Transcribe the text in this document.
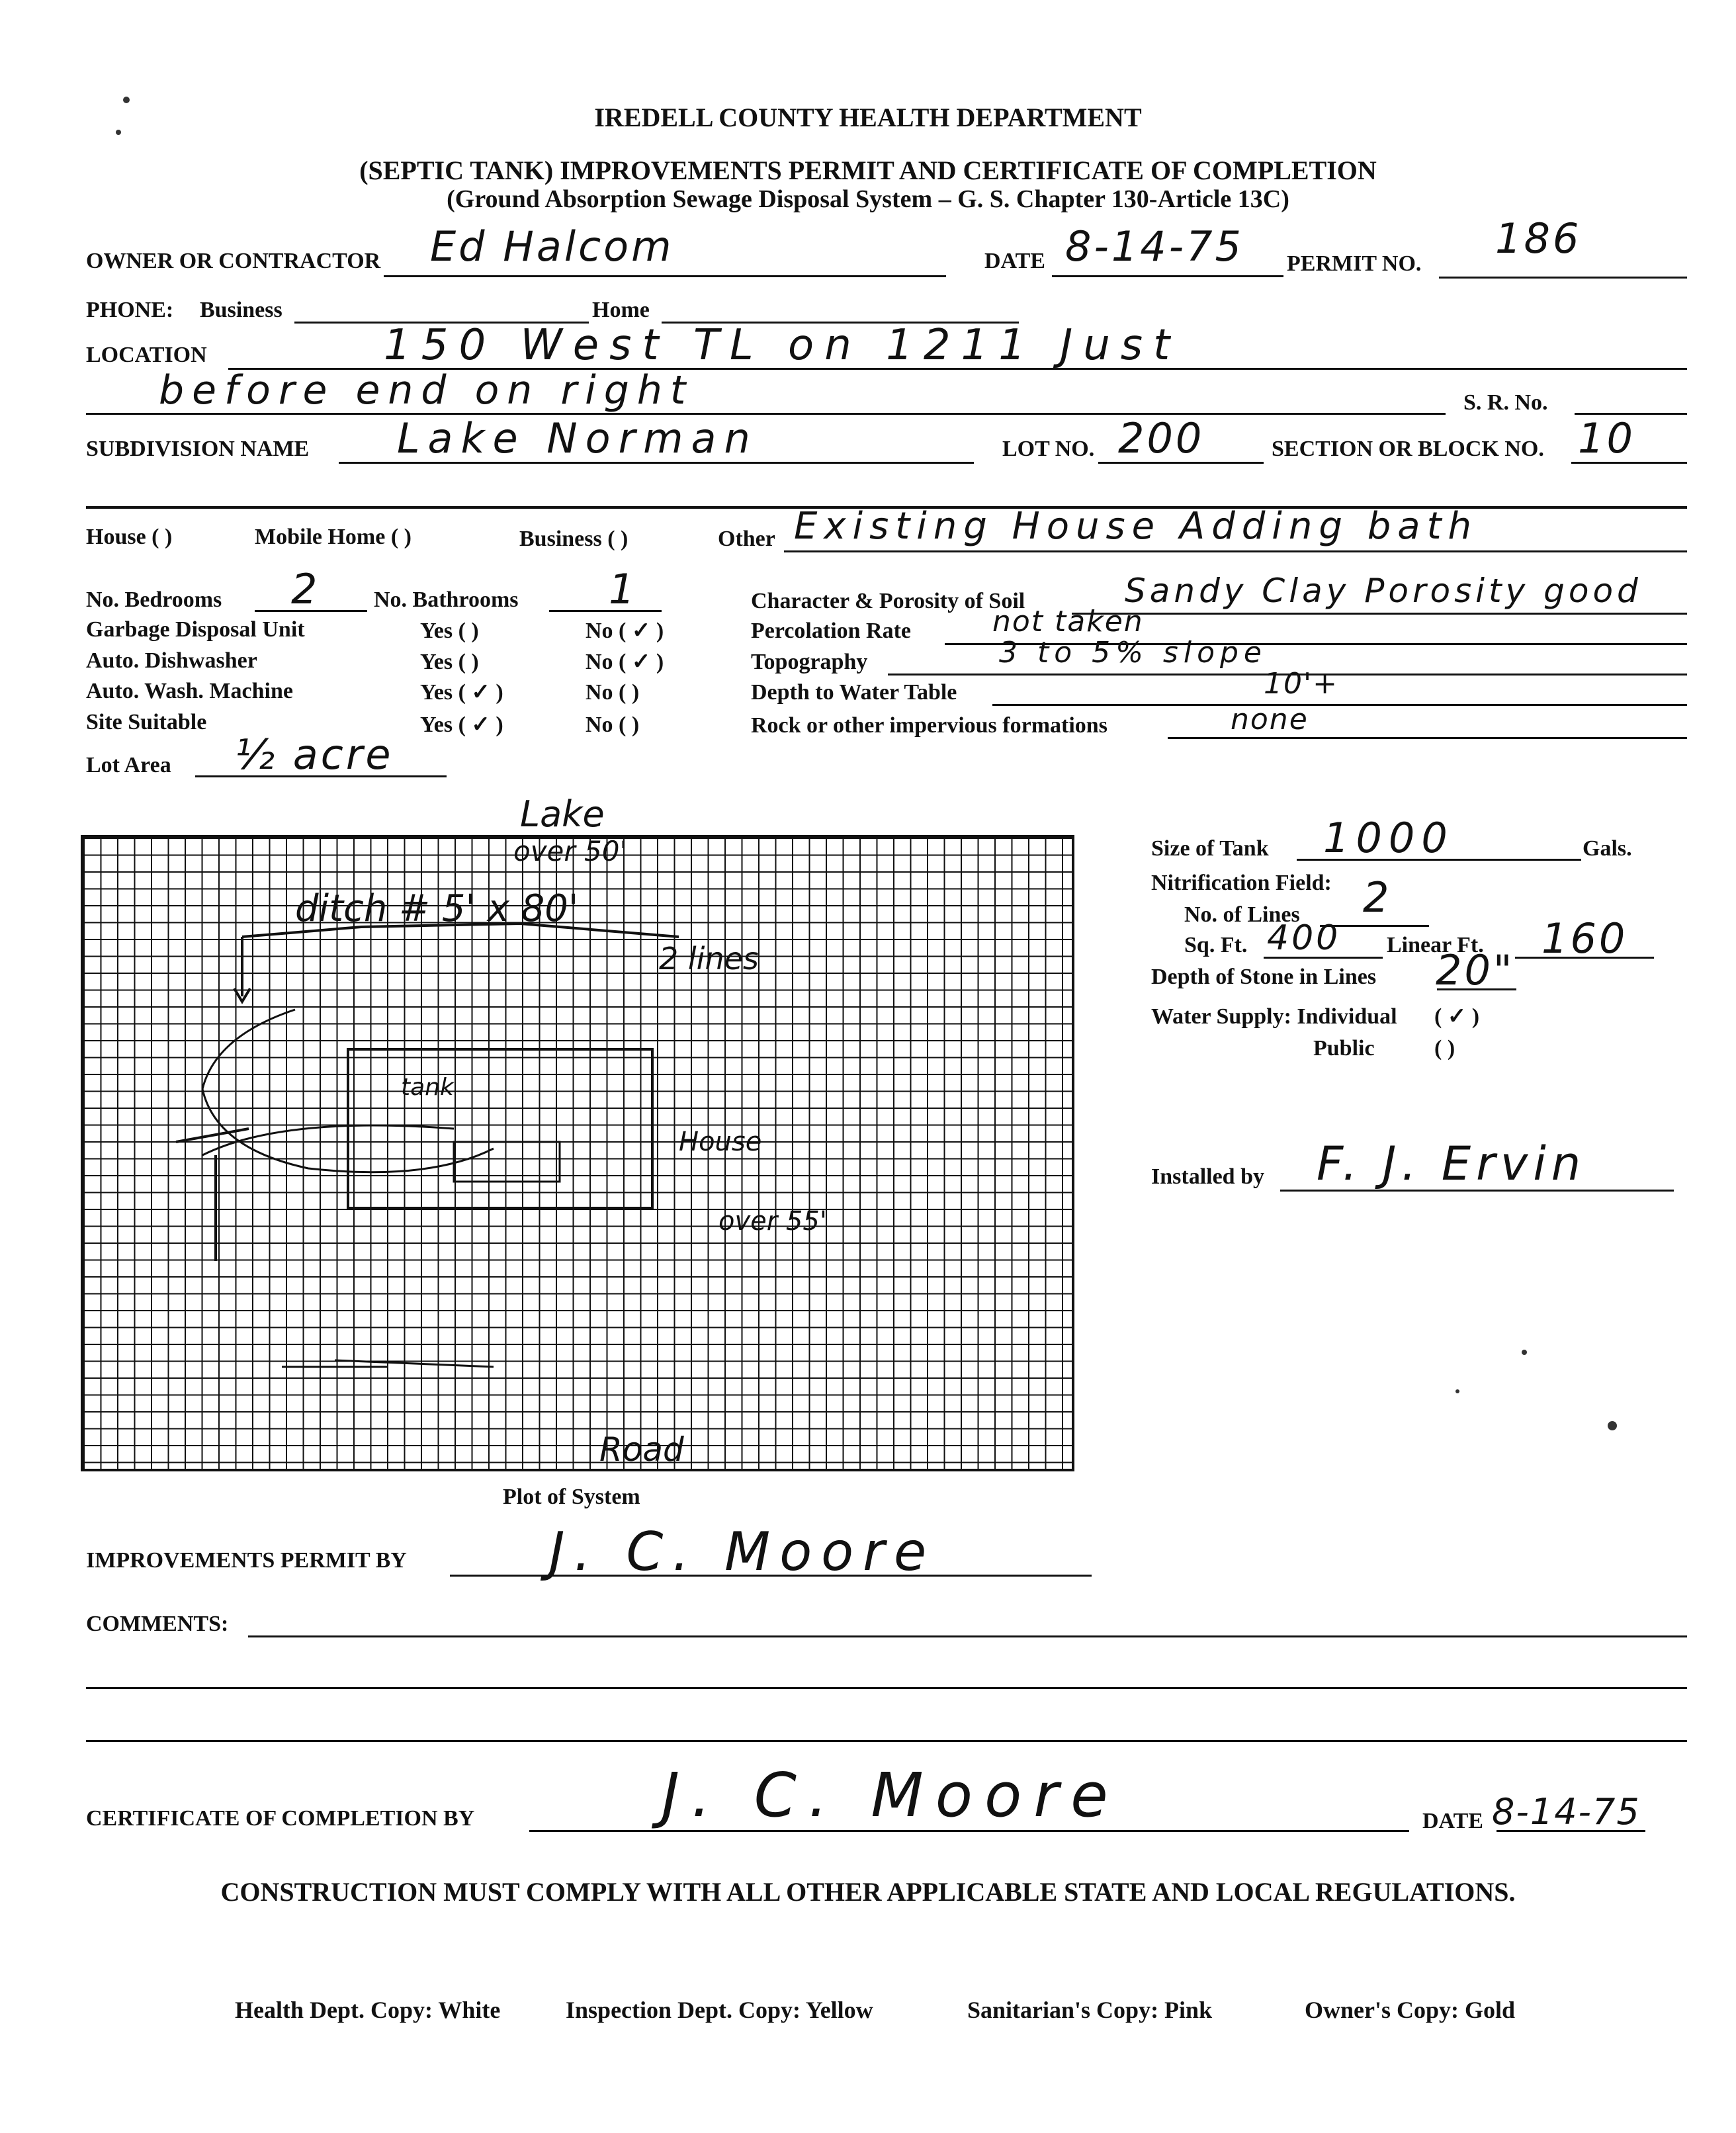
IREDELL COUNTY HEALTH DEPARTMENT
(SEPTIC TANK) IMPROVEMENTS PERMIT AND CERTIFICATE OF COMPLETION
(Ground Absorption Sewage Disposal System – G. S. Chapter 130-Article 13C)
OWNER OR CONTRACTOR Ed Halcom	DATE 8-14-75 PERMIT NO.
186
PHONE: Business	Home
LOCATION	150 West TL on 1211 Just
before end on right	S. R. No.
SUBDIVISION NAME Lake Norman	LOT NO. 200	SECTION OR BLOCK NO. 10
House ( )	Mobile Home ( )	Business ( )	Other Existing House Adding bath
No. Bedrooms 2 No. Bathrooms 1
Garbage Disposal Unit	Yes ( )	No ( ✓ )
Auto. Dishwasher	Yes ( )	No ( ✓ )
Auto. Wash. Machine	Yes ( ✓ )	No ( )
Site Suitable	Yes ( ✓ )	No ( )
Character & Porosity of Soil	Sandy Clay Porosity good
Percolation Rate	not taken
Topography	3 to 5% slope
Depth to Water Table	10'+
Rock or other impervious formations	none
Lot Area ½ acre
Lake
over 50'
ditch # 5' x 80'
2 lines
tank
House
over 55'
Road
Plot of System
Size of Tank 1000	Gals.
Nitrification Field:
No. of Lines 2
Sq. Ft. 400 Linear Ft. 160
Depth of Stone in Lines 20"
Water Supply: Individual ( ✓ )
Public	( )
Installed by F. J. Ervin
IMPROVEMENTS PERMIT BY	J. C. Moore
COMMENTS:
CERTIFICATE OF COMPLETION BY	J. C. Moore	DATE 8-14-75
CONSTRUCTION MUST COMPLY WITH ALL OTHER APPLICABLE STATE AND LOCAL REGULATIONS.
Health Dept. Copy: White	Inspection Dept. Copy: Yellow	Sanitarian's Copy: Pink	Owner's Copy: Gold
